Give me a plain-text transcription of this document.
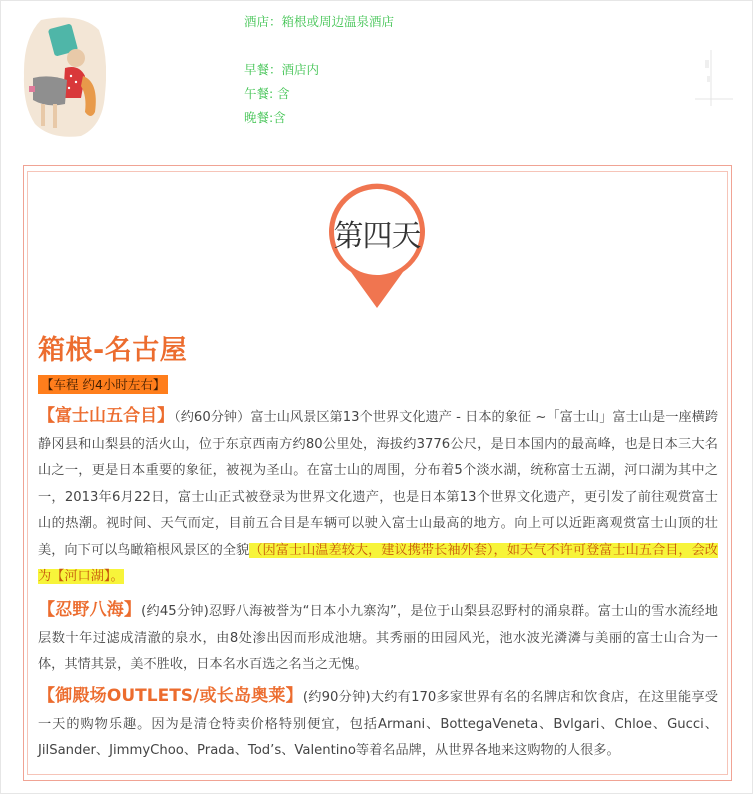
酒店：箱根或周边温泉酒店
早餐：酒店内
午餐: 含
晚餐:含
第四天
箱根-名古屋
【车程 约4小时左右】
【富士山五合目】（约60分钟）富士山风景区第13个世界文化遗产 - 日本的象征 ~「富士山」富士山是一座横跨静冈县和山梨县的活火山，位于东京西南方约80公里处，海拔约3776公尺，是日本国内的最高峰，也是日本三大名山之一，更是日本重要的象征，被视为圣山。在富士山的周围，分布着5个淡水湖，统称富士五湖，河口湖为其中之一，2013年6月22日，富士山正式被登录为世界文化遗产，也是日本第13个世界文化遗产，更引发了前往观赏富士山的热潮。视时间、天气而定，目前五合目是车辆可以驶入富士山最高的地方。向上可以近距离观赏富士山顶的壮美，向下可以鸟瞰箱根风景区的全貌（因富士山温差较大，建议携带长袖外套），如天气不许可登富士山五合目，会改为【河口湖】。
【忍野八海】(约45分钟)忍野八海被誉为“日本小九寨沟”，是位于山梨县忍野村的涌泉群。富士山的雪水流经地层数十年过滤成清澈的泉水，由8处渗出因而形成池塘。其秀丽的田园风光，池水波光潾潾与美丽的富士山合为一体，其情其景，美不胜收，日本名水百选之名当之无愧。
【御殿场OUTLETS/或长岛奥莱】(约90分钟)大约有170多家世界有名的名牌店和饮食店，在这里能享受一天的购物乐趣。因为是清仓特卖价格特别便宜，包括Armani、BottegaVeneta、Bvlgari、Chloe、Gucci、JilSander、JimmyChoo、Prada、Tod’s、Valentino等着名品牌，从世界各地来这购物的人很多。
